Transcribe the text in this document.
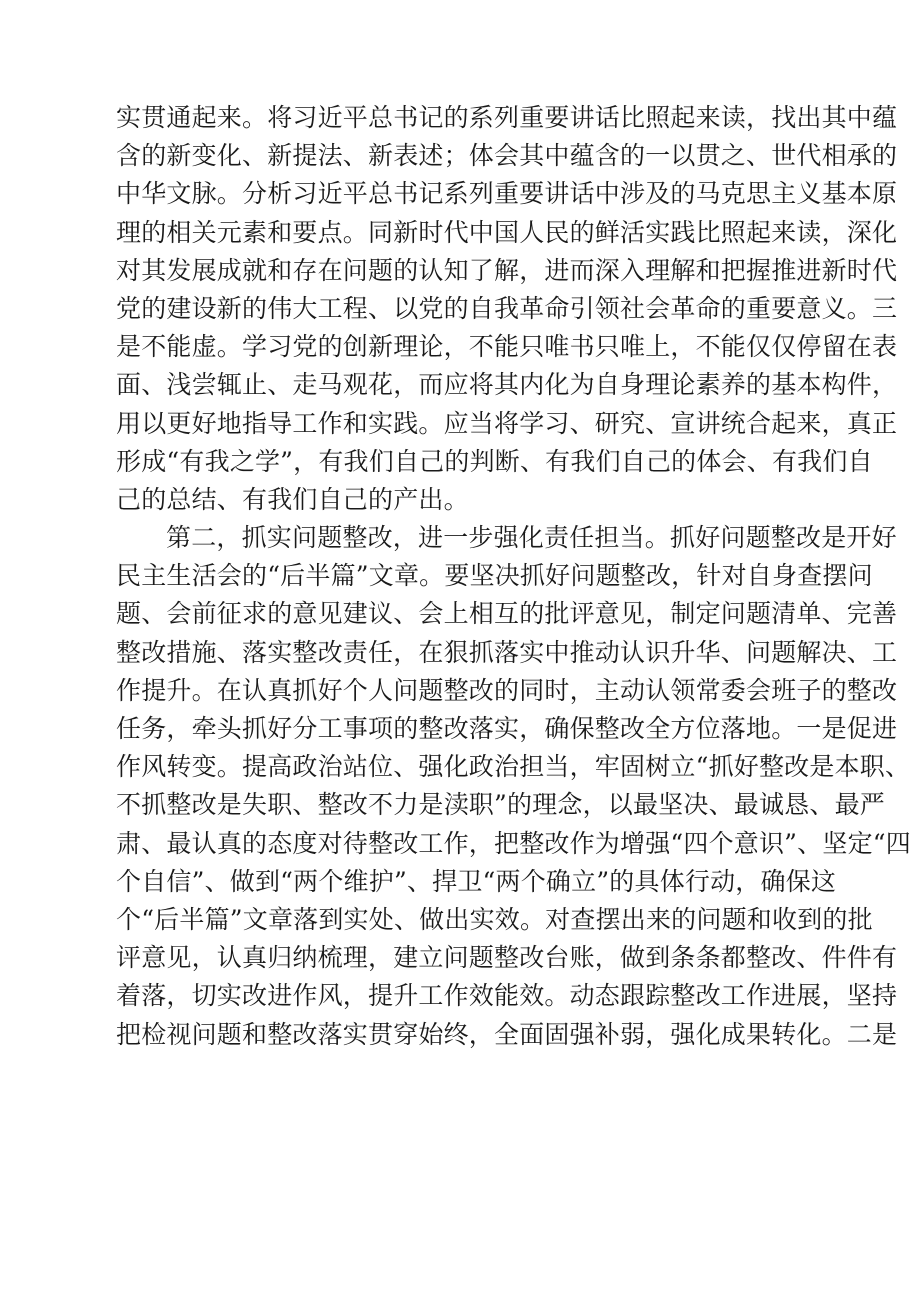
实贯通起来。将习近平总书记的系列重要讲话比照起来读，找出其中蕴
含的新变化、新提法、新表述；体会其中蕴含的一以贯之、世代相承的
中华文脉。分析习近平总书记系列重要讲话中涉及的马克思主义基本原
理的相关元素和要点。同新时代中国人民的鲜活实践比照起来读，深化
对其发展成就和存在问题的认知了解，进而深入理解和把握推进新时代
党的建设新的伟大工程、以党的自我革命引领社会革命的重要意义。三
是不能虚。学习党的创新理论，不能只唯书只唯上，不能仅仅停留在表
面、浅尝辄止、走马观花，而应将其内化为自身理论素养的基本构件，
用以更好地指导工作和实践。应当将学习、研究、宣讲统合起来，真正
形成“有我之学”，有我们自己的判断、有我们自己的体会、有我们自
己的总结、有我们自己的产出。
第二，抓实问题整改，进一步强化责任担当。抓好问题整改是开好
民主生活会的“后半篇”文章。要坚决抓好问题整改，针对自身查摆问
题、会前征求的意见建议、会上相互的批评意见，制定问题清单、完善
整改措施、落实整改责任，在狠抓落实中推动认识升华、问题解决、工
作提升。在认真抓好个人问题整改的同时，主动认领常委会班子的整改
任务，牵头抓好分工事项的整改落实，确保整改全方位落地。一是促进
作风转变。提高政治站位、强化政治担当，牢固树立“抓好整改是本职、
不抓整改是失职、整改不力是渎职”的理念，以最坚决、最诚恳、最严
肃、最认真的态度对待整改工作，把整改作为增强“四个意识”、坚定“四
个自信”、做到“两个维护”、捍卫“两个确立”的具体行动，确保这
个“后半篇”文章落到实处、做出实效。对查摆出来的问题和收到的批
评意见，认真归纳梳理，建立问题整改台账，做到条条都整改、件件有
着落，切实改进作风，提升工作效能效。动态跟踪整改工作进展，坚持
把检视问题和整改落实贯穿始终，全面固强补弱，强化成果转化。二是
